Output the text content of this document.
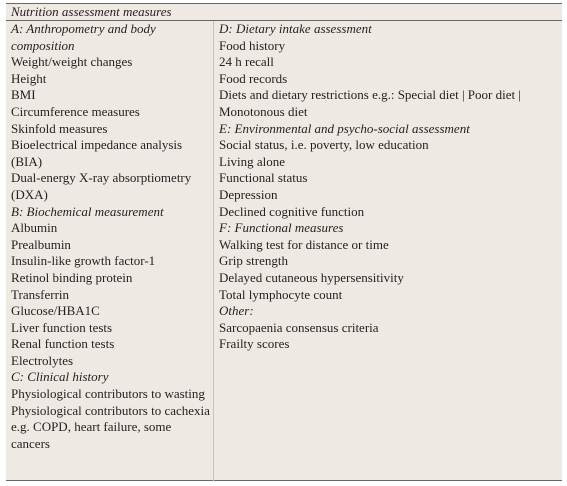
Nutrition assessment measures
A: Anthropometry and body composition
Weight/weight changes
Height
BMI
Circumference measures
Skinfold measures
Bioelectrical impedance analysis (BIA)
Dual-energy X-ray absorptiometry (DXA)
B: Biochemical measurement
Albumin
Prealbumin
Insulin-like growth factor-1
Retinol binding protein
Transferrin
Glucose/HBA1C
Liver function tests
Renal function tests
Electrolytes
C: Clinical history
Physiological contributors to wasting
Physiological contributors to cachexia
e.g. COPD, heart failure, some cancers
D: Dietary intake assessment
Food history
24 h recall
Food records
Diets and dietary restrictions e.g.: Special diet | Poor diet | Monotonous diet
E: Environmental and psycho-social assessment
Social status, i.e. poverty, low education
Living alone
Functional status
Depression
Declined cognitive function
F: Functional measures
Walking test for distance or time
Grip strength
Delayed cutaneous hypersensitivity
Total lymphocyte count
Other:
Sarcopaenia consensus criteria
Frailty scores
